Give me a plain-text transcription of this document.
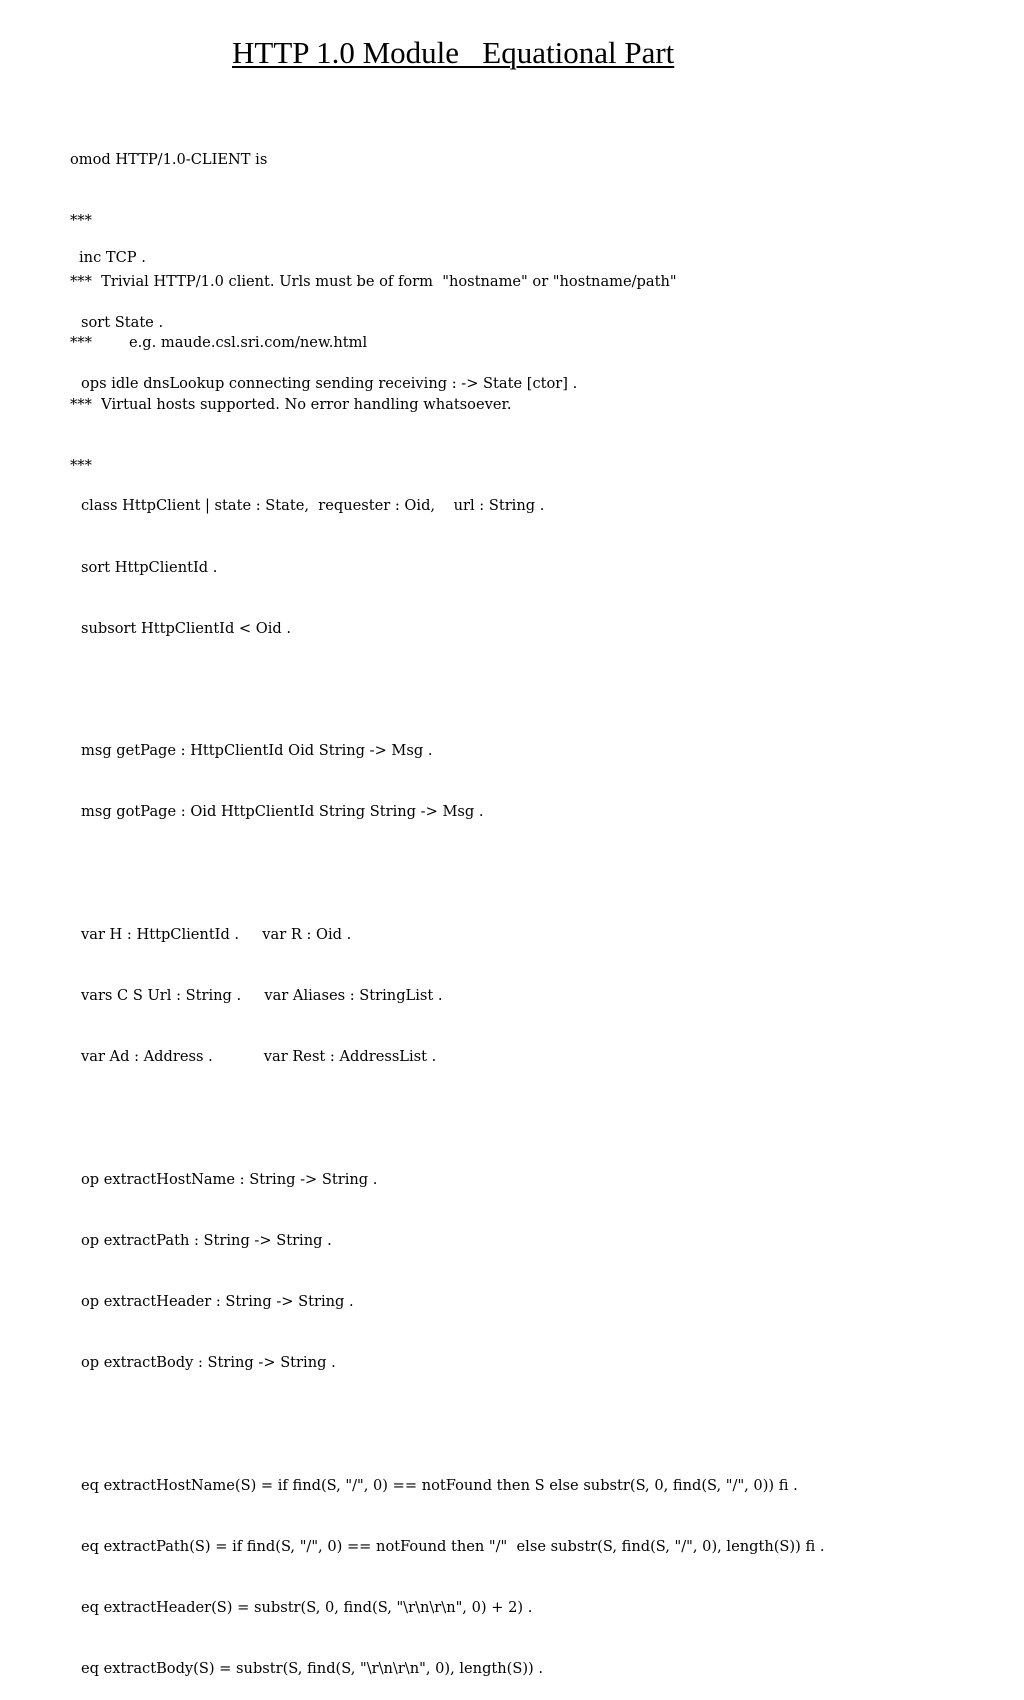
HTTP 1.0 Module   Equational Part

omod HTTP/1.0-CLIENT is

***

***  Trivial HTTP/1.0 client. Urls must be of form  "hostname" or "hostname/path"

***        e.g. maude.csl.sri.com/new.html

***  Virtual hosts supported. No error handling whatsoever.

***

inc TCP .

sort State .

ops idle dnsLookup connecting sending receiving : -> State [ctor] .

class HttpClient | state : State,  requester : Oid,    url : String .

sort HttpClientId .

subsort HttpClientId < Oid .

msg getPage : HttpClientId Oid String -> Msg .

msg gotPage : Oid HttpClientId String String -> Msg .

var H : HttpClientId .     var R : Oid .

vars C S Url : String .     var Aliases : StringList .

var Ad : Address .           var Rest : AddressList .

op extractHostName : String -> String .

op extractPath : String -> String .

op extractHeader : String -> String .

op extractBody : String -> String .

eq extractHostName(S) = if find(S, "/", 0) == notFound then S else substr(S, 0, find(S, "/", 0)) fi .

eq extractPath(S) = if find(S, "/", 0) == notFound then "/"  else substr(S, find(S, "/", 0), length(S)) fi .

eq extractHeader(S) = substr(S, 0, find(S, "\r\n\r\n", 0) + 2) .

eq extractBody(S) = substr(S, find(S, "\r\n\r\n", 0), length(S)) .
